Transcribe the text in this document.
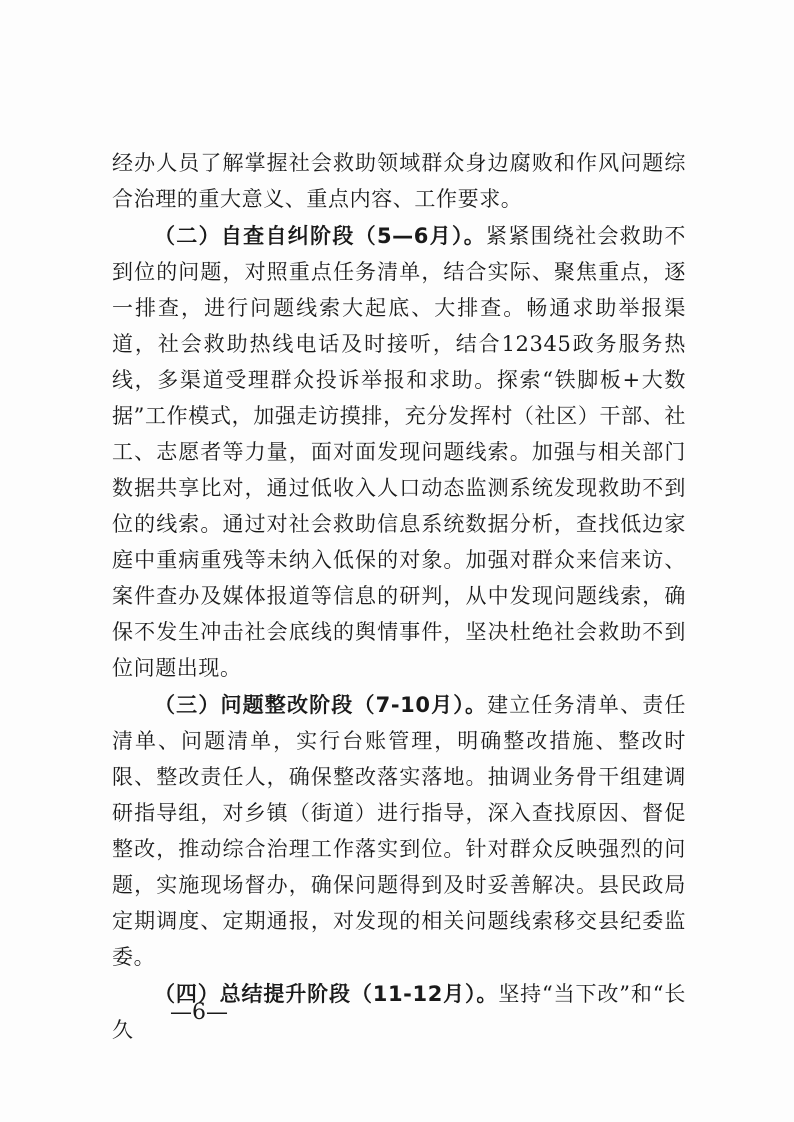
经办人员了解掌握社会救助领域群众身边腐败和作风问题综合治理的重大意义、重点内容、工作要求。

（二）自查自纠阶段（5—6月）。紧紧围绕社会救助不到位的问题，对照重点任务清单，结合实际、聚焦重点，逐一排查，进行问题线索大起底、大排查。畅通求助举报渠道，社会救助热线电话及时接听，结合12345政务服务热线，多渠道受理群众投诉举报和求助。探索“铁脚板+大数据”工作模式，加强走访摸排，充分发挥村（社区）干部、社工、志愿者等力量，面对面发现问题线索。加强与相关部门数据共享比对，通过低收入人口动态监测系统发现救助不到位的线索。通过对社会救助信息系统数据分析，查找低边家庭中重病重残等未纳入低保的对象。加强对群众来信来访、案件查办及媒体报道等信息的研判，从中发现问题线索，确保不发生冲击社会底线的舆情事件，坚决杜绝社会救助不到位问题出现。

（三）问题整改阶段（7-10月）。建立任务清单、责任清单、问题清单，实行台账管理，明确整改措施、整改时限、整改责任人，确保整改落实落地。抽调业务骨干组建调研指导组，对乡镇（街道）进行指导，深入查找原因、督促整改，推动综合治理工作落实到位。针对群众反映强烈的问题，实施现场督办，确保问题得到及时妥善解决。县民政局定期调度、定期通报，对发现的相关问题线索移交县纪委监委。

（四）总结提升阶段（11-12月）。坚持“当下改”和“长久

—6—
